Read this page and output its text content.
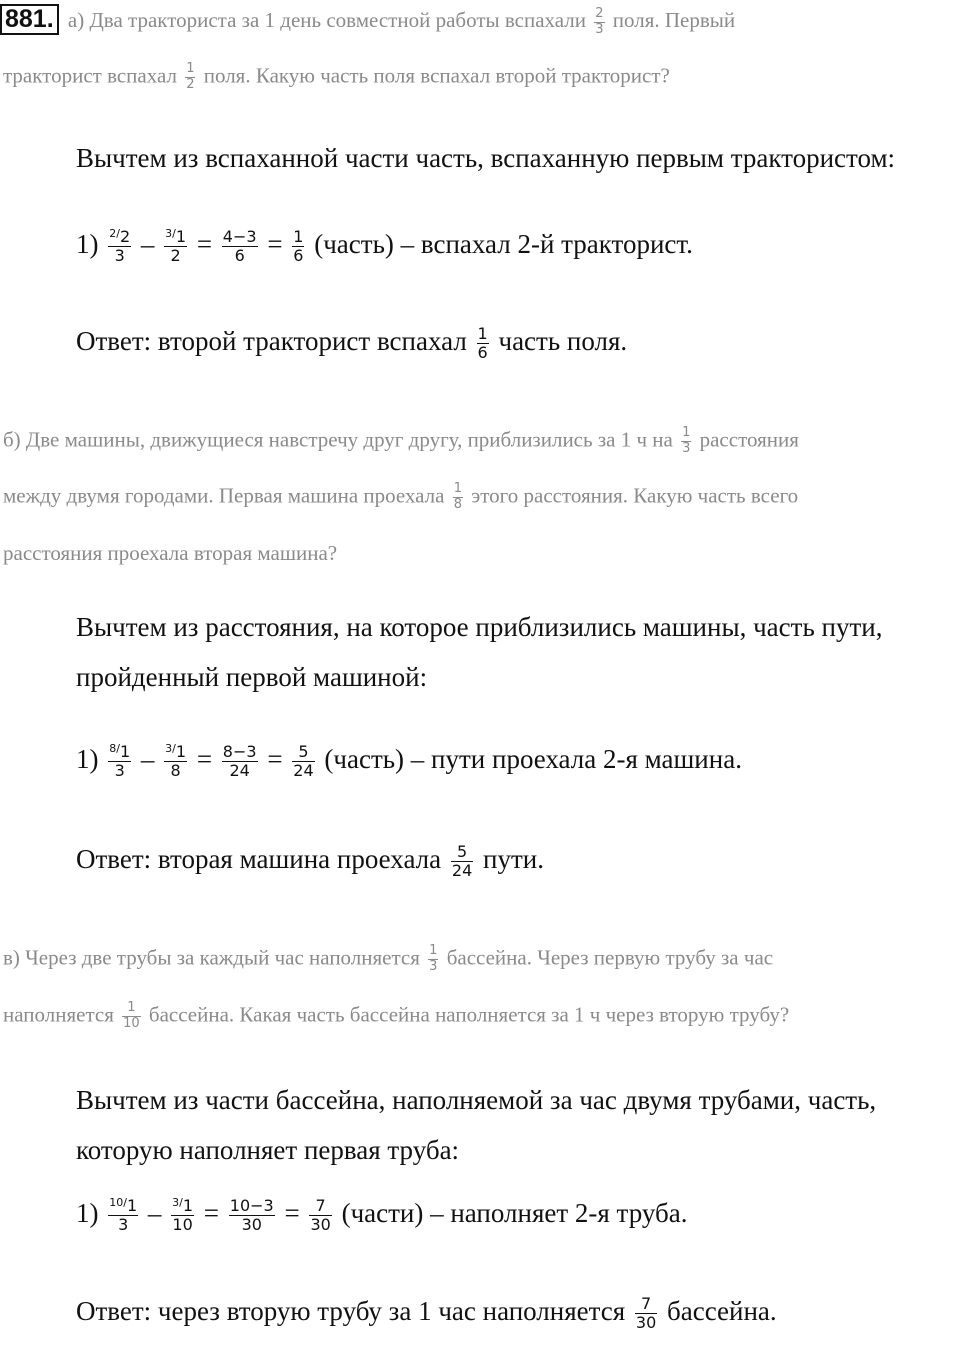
881. а) Два тракториста за 1 день совместной работы вспахали $\frac{2}{3}$ поля. Первый
тракторист вспахал $\frac{1}{2}$ поля. Какую часть поля вспахал второй тракторист?
Вычтем из вспаханной части часть, вспаханную первым трактористом:
$1) \frac{^{2/}2}{3} - \frac{^{3/}1}{2} = \frac{4-3}{6} = \frac{1}{6}$ (часть) – вспахал 2-й тракторист.
Ответ: второй тракторист вспахал $\frac{1}{6}$ часть поля.
б) Две машины, движущиеся навстречу друг другу, приблизились за 1 ч на $\frac{1}{3}$ расстояния
между двумя городами. Первая машина проехала $\frac{1}{8}$ этого расстояния. Какую часть всего
расстояния проехала вторая машина?
Вычтем из расстояния, на которое приблизились машины, часть пути,
пройденный первой машиной:
$1) \frac{^{8/}1}{3} - \frac{^{3/}1}{8} = \frac{8-3}{24} = \frac{5}{24}$ (часть) – пути проехала 2-я машина.
Ответ: вторая машина проехала $\frac{5}{24}$ пути.
в) Через две трубы за каждый час наполняется $\frac{1}{3}$ бассейна. Через первую трубу за час
наполняется $\frac{1}{10}$ бассейна. Какая часть бассейна наполняется за 1 ч через вторую трубу?
Вычтем из части бассейна, наполняемой за час двумя трубами, часть,
которую наполняет первая труба:
$1) \frac{^{10/}1}{3} - \frac{^{3/}1}{10} = \frac{10-3}{30} = \frac{7}{30}$ (части) – наполняет 2-я труба.
Ответ: через вторую трубу за 1 час наполняется $\frac{7}{30}$ бассейна.
